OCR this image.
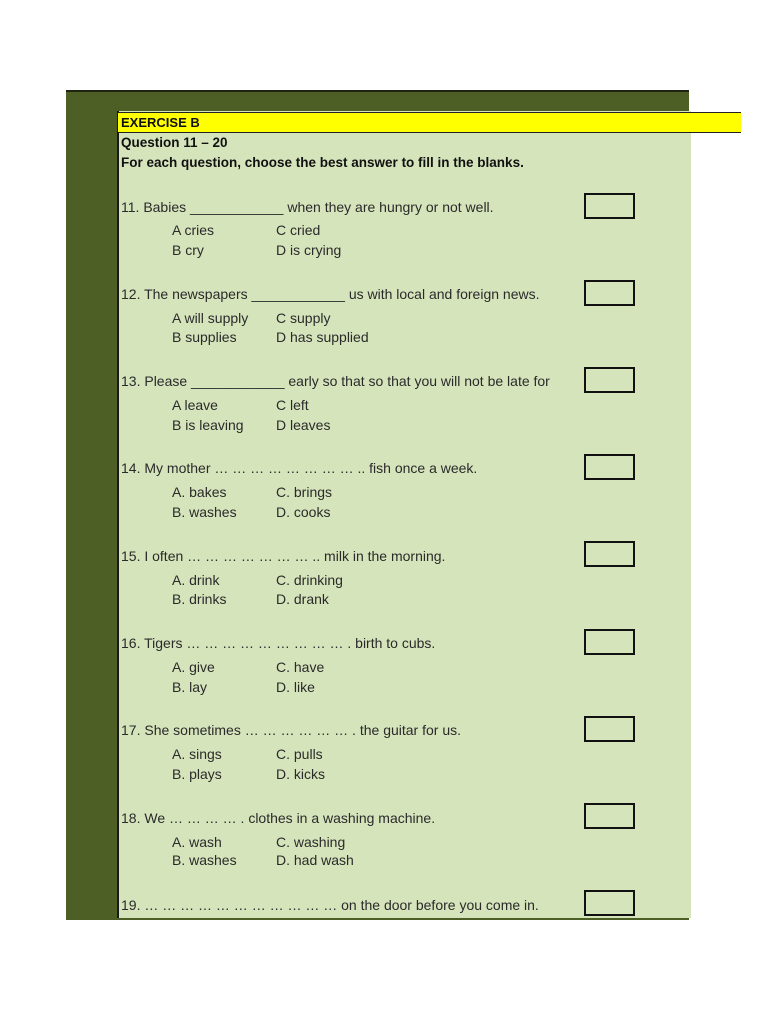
EXERCISE B
Question 11 – 20
For each question, choose the best answer to fill in the blanks.
11. Babies ____________ when they are hungry or not well.
A cries	C cried
B cry	D is crying
12. The newspapers ____________ us with local and foreign news.
A will supply C supply
B supplies	D has supplied
13. Please ____________ early so that so that you will not be late for
A leave	C left
B is leaving D leaves
14. My mother … … … … … … … … .. fish once a week.
A. bakes	C. brings
B. washes	D. cooks
15. I often … … … … … … … .. milk in the morning.
A. drink	C. drinking
B. drinks	D. drank
16. Tigers … … … … … … … … … . birth to cubs.
A. give	C. have
B. lay	D. like
17. She sometimes … … … … … … . the guitar for us.
A. sings	C. pulls
B. plays	D. kicks
18. We … … … … . clothes in a washing machine.
A. wash	C. washing
B. washes	D. had wash
19. … … … … … … … … … … … on the door before you come in.
